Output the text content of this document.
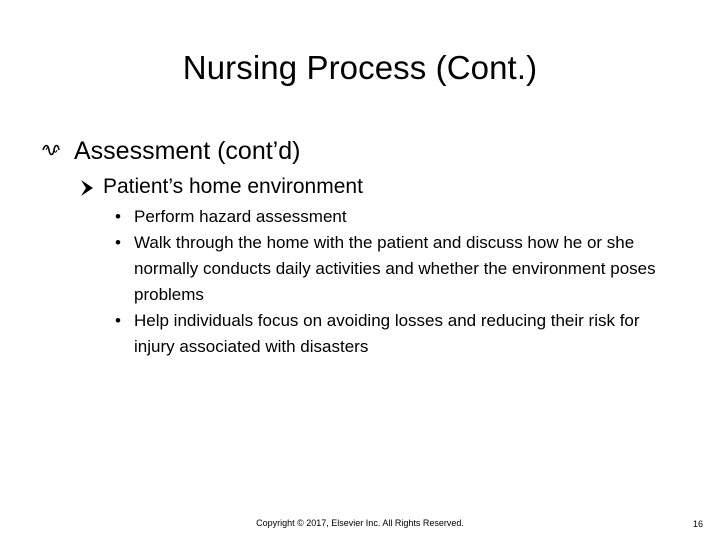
Nursing Process (Cont.)
Assessment (cont’d)
Patient’s home environment
• Perform hazard assessment
• Walk through the home with the patient and discuss how he or she normally conducts daily activities and whether the environment poses problems
• Help individuals focus on avoiding losses and reducing their risk for injury associated with disasters
Copyright © 2017, Elsevier Inc. All Rights Reserved.	16
